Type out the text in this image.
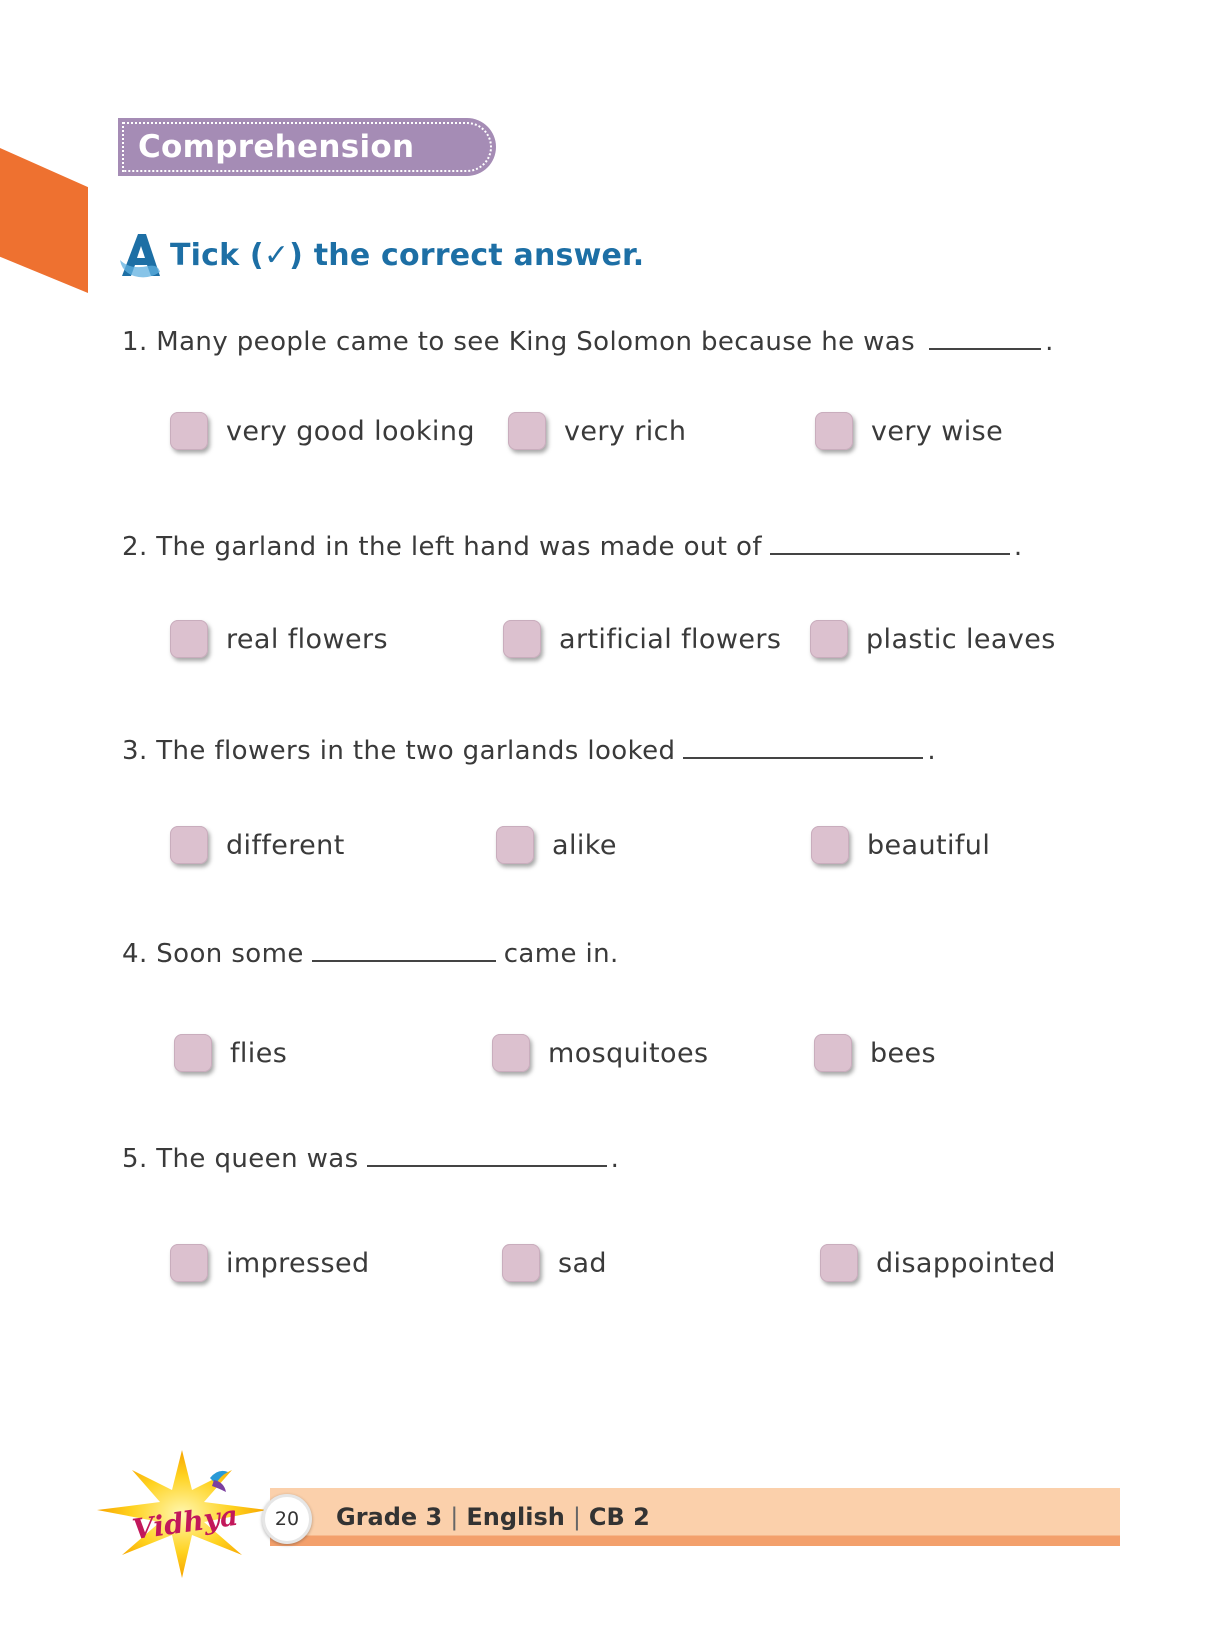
Comprehension Skills
Tick (✓) the correct answer.
1. Many people came to see King Solomon because he was	.
very good looking	very rich	very wise
2. The garland in the left hand was made out of	.
real flowers	artificial flowers	plastic leaves
3. The flowers in the two garlands looked	.
different	alike	beautiful
4. Soon some	came in.
flies	mosquitoes	bees
5. The queen was	.
impressed	sad	disappointed
Vidhya	Grade 3 | English | CB 2
20
